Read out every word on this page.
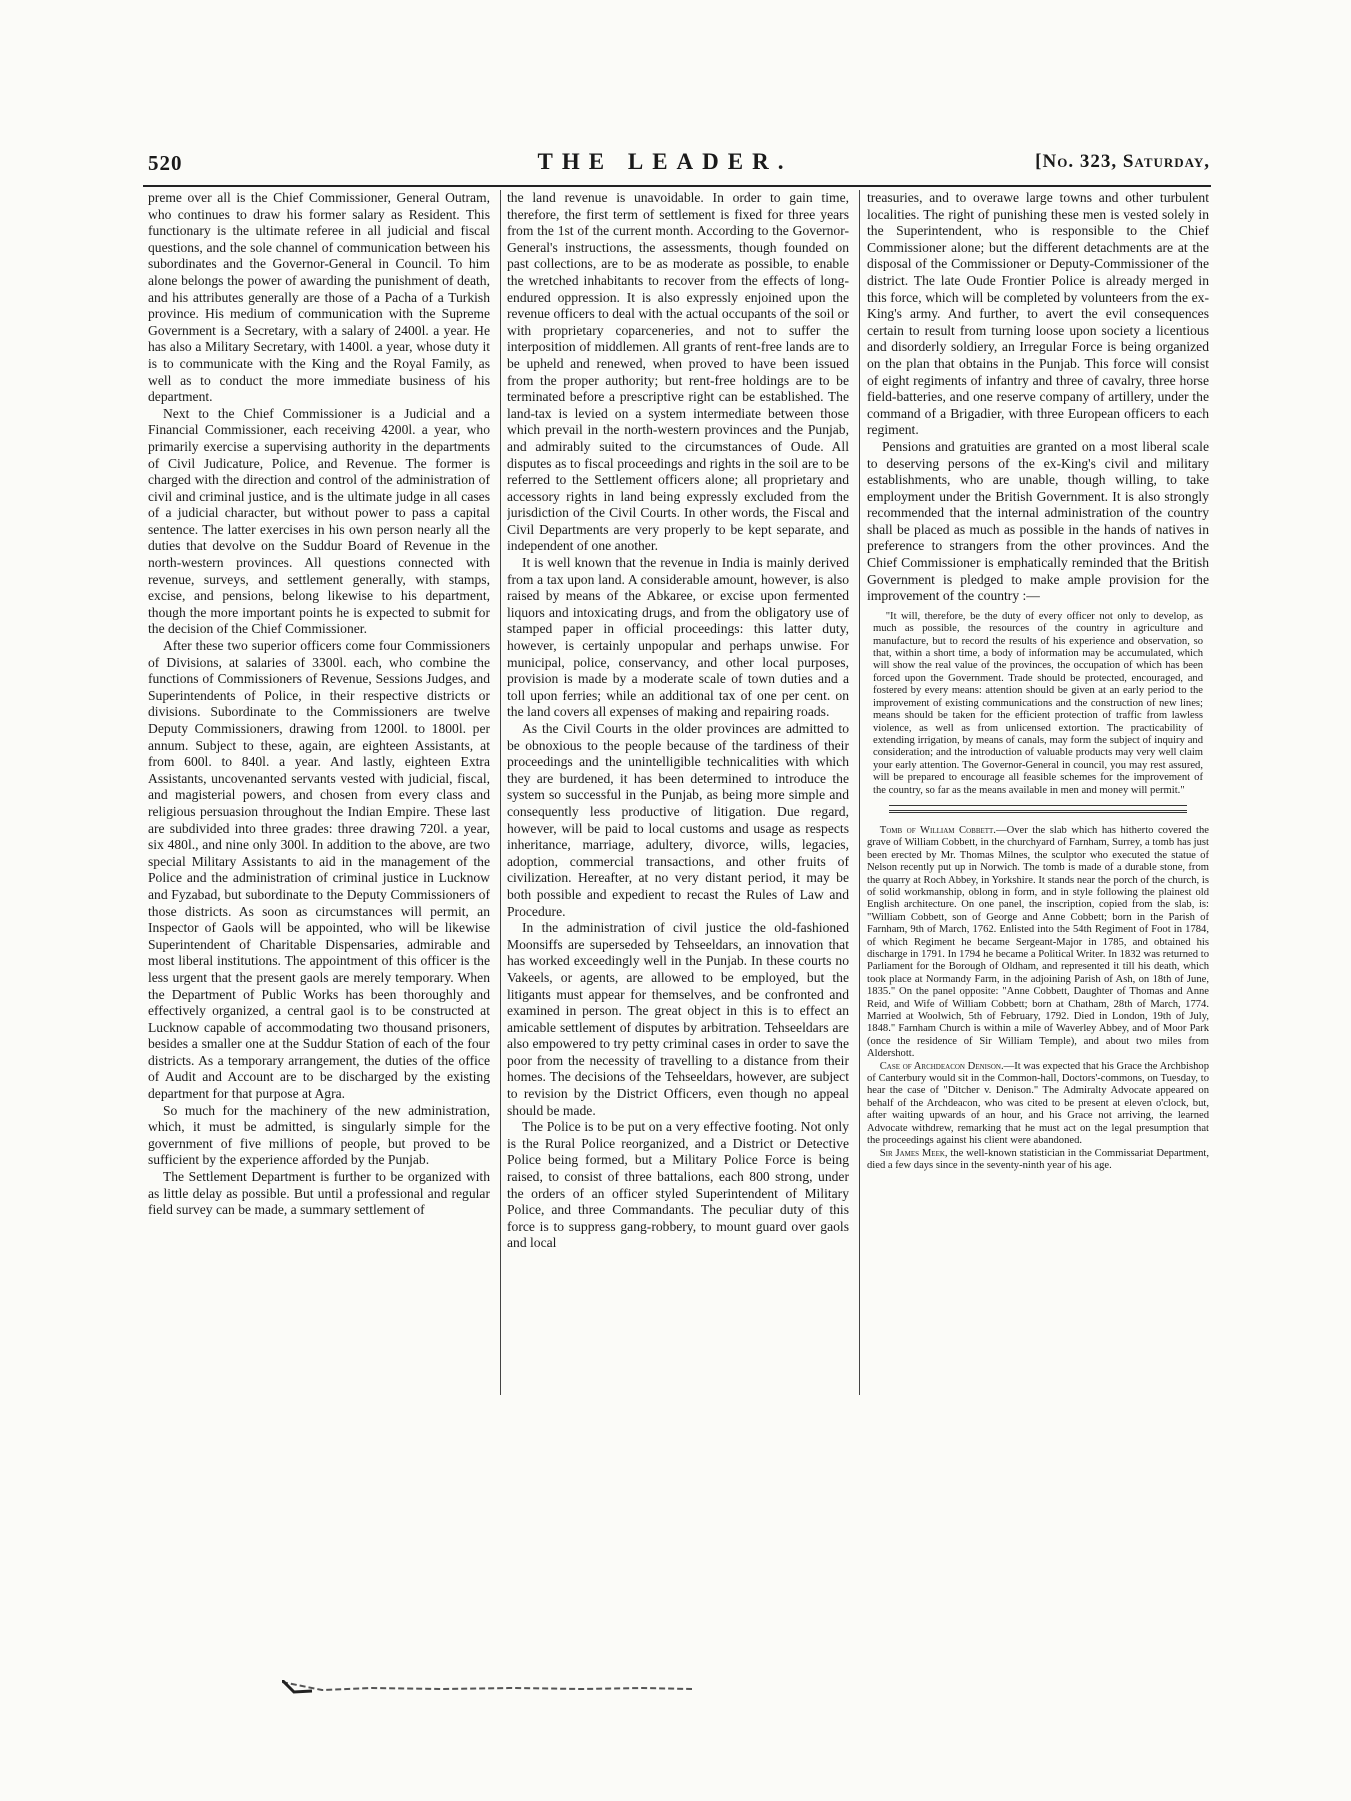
520	THE LEADER.	[No. 323, Saturday,

preme over all is the Chief Commissioner, General Outram, who continues to draw his former salary as Resident. This functionary is the ultimate referee in all judicial and fiscal questions, and the sole channel of communication between his subordinates and the Governor-General in Council. To him alone belongs the power of awarding the punishment of death, and his attributes generally are those of a Pacha of a Turkish province. His medium of communication with the Supreme Government is a Secretary, with a salary of 2400l. a year. He has also a Military Secretary, with 1400l. a year, whose duty it is to communicate with the King and the Royal Family, as well as to conduct the more immediate business of his department.

Next to the Chief Commissioner is a Judicial and a Financial Commissioner, each receiving 4200l. a year, who primarily exercise a supervising authority in the departments of Civil Judicature, Police, and Revenue. The former is charged with the direction and control of the administration of civil and criminal justice, and is the ultimate judge in all cases of a judicial character, but without power to pass a capital sentence. The latter exercises in his own person nearly all the duties that devolve on the Suddur Board of Revenue in the north-western provinces. All questions connected with revenue, surveys, and settlement generally, with stamps, excise, and pensions, belong likewise to his department, though the more important points he is expected to submit for the decision of the Chief Commissioner.

After these two superior officers come four Commissioners of Divisions, at salaries of 3300l. each, who combine the functions of Commissioners of Revenue, Sessions Judges, and Superintendents of Police, in their respective districts or divisions. Subordinate to the Commissioners are twelve Deputy Commissioners, drawing from 1200l. to 1800l. per annum. Subject to these, again, are eighteen Assistants, at from 600l. to 840l. a year. And lastly, eighteen Extra Assistants, uncovenanted servants vested with judicial, fiscal, and magisterial powers, and chosen from every class and religious persuasion throughout the Indian Empire. These last are subdivided into three grades: three drawing 720l. a year, six 480l., and nine only 300l. In addition to the above, are two special Military Assistants to aid in the management of the Police and the administration of criminal justice in Lucknow and Fyzabad, but subordinate to the Deputy Commissioners of those districts. As soon as circumstances will permit, an Inspector of Gaols will be appointed, who will be likewise Superintendent of Charitable Dispensaries, admirable and most liberal institutions. The appointment of this officer is the less urgent that the present gaols are merely temporary. When the Department of Public Works has been thoroughly and effectively organized, a central gaol is to be constructed at Lucknow capable of accommodating two thousand prisoners, besides a smaller one at the Suddur Station of each of the four districts. As a temporary arrangement, the duties of the office of Audit and Account are to be discharged by the existing department for that purpose at Agra.

So much for the machinery of the new administration, which, it must be admitted, is singularly simple for the government of five millions of people, but proved to be sufficient by the experience afforded by the Punjab.

The Settlement Department is further to be organized with as little delay as possible. But until a professional and regular field survey can be made, a summary settlement of

the land revenue is unavoidable. In order to gain time, therefore, the first term of settlement is fixed for three years from the 1st of the current month. According to the Governor-General's instructions, the assessments, though founded on past collections, are to be as moderate as possible, to enable the wretched inhabitants to recover from the effects of long-endured oppression. It is also expressly enjoined upon the revenue officers to deal with the actual occupants of the soil or with proprietary coparceneries, and not to suffer the interposition of middlemen. All grants of rent-free lands are to be upheld and renewed, when proved to have been issued from the proper authority; but rent-free holdings are to be terminated before a prescriptive right can be established. The land-tax is levied on a system intermediate between those which prevail in the north-western provinces and the Punjab, and admirably suited to the circumstances of Oude. All disputes as to fiscal proceedings and rights in the soil are to be referred to the Settlement officers alone; all proprietary and accessory rights in land being expressly excluded from the jurisdiction of the Civil Courts. In other words, the Fiscal and Civil Departments are very properly to be kept separate, and independent of one another.

It is well known that the revenue in India is mainly derived from a tax upon land. A considerable amount, however, is also raised by means of the Abkaree, or excise upon fermented liquors and intoxicating drugs, and from the obligatory use of stamped paper in official proceedings: this latter duty, however, is certainly unpopular and perhaps unwise. For municipal, police, conservancy, and other local purposes, provision is made by a moderate scale of town duties and a toll upon ferries; while an additional tax of one per cent. on the land covers all expenses of making and repairing roads.

As the Civil Courts in the older provinces are admitted to be obnoxious to the people because of the tardiness of their proceedings and the unintelligible technicalities with which they are burdened, it has been determined to introduce the system so successful in the Punjab, as being more simple and consequently less productive of litigation. Due regard, however, will be paid to local customs and usage as respects inheritance, marriage, adultery, divorce, wills, legacies, adoption, commercial transactions, and other fruits of civilization. Hereafter, at no very distant period, it may be both possible and expedient to recast the Rules of Law and Procedure.

In the administration of civil justice the old-fashioned Moonsiffs are superseded by Tehseeldars, an innovation that has worked exceedingly well in the Punjab. In these courts no Vakeels, or agents, are allowed to be employed, but the litigants must appear for themselves, and be confronted and examined in person. The great object in this is to effect an amicable settlement of disputes by arbitration. Tehseeldars are also empowered to try petty criminal cases in order to save the poor from the necessity of travelling to a distance from their homes. The decisions of the Tehseeldars, however, are subject to revision by the District Officers, even though no appeal should be made.

The Police is to be put on a very effective footing. Not only is the Rural Police reorganized, and a District or Detective Police being formed, but a Military Police Force is being raised, to consist of three battalions, each 800 strong, under the orders of an officer styled Superintendent of Military Police, and three Commandants. The peculiar duty of this force is to suppress gang-robbery, to mount guard over gaols and local

treasuries, and to overawe large towns and other turbulent localities. The right of punishing these men is vested solely in the Superintendent, who is responsible to the Chief Commissioner alone; but the different detachments are at the disposal of the Commissioner or Deputy-Commissioner of the district. The late Oude Frontier Police is already merged in this force, which will be completed by volunteers from the ex-King's army. And further, to avert the evil consequences certain to result from turning loose upon society a licentious and disorderly soldiery, an Irregular Force is being organized on the plan that obtains in the Punjab. This force will consist of eight regiments of infantry and three of cavalry, three horse field-batteries, and one reserve company of artillery, under the command of a Brigadier, with three European officers to each regiment.

Pensions and gratuities are granted on a most liberal scale to deserving persons of the ex-King's civil and military establishments, who are unable, though willing, to take employment under the British Government. It is also strongly recommended that the internal administration of the country shall be placed as much as possible in the hands of natives in preference to strangers from the other provinces. And the Chief Commissioner is emphatically reminded that the British Government is pledged to make ample provision for the improvement of the country :—

"It will, therefore, be the duty of every officer not only to develop, as much as possible, the resources of the country in agriculture and manufacture, but to record the results of his experience and observation, so that, within a short time, a body of information may be accumulated, which will show the real value of the provinces, the occupation of which has been forced upon the Government. Trade should be protected, encouraged, and fostered by every means: attention should be given at an early period to the improvement of existing communications and the construction of new lines; means should be taken for the efficient protection of traffic from lawless violence, as well as from unlicensed extortion. The practicability of extending irrigation, by means of canals, may form the subject of inquiry and consideration; and the introduction of valuable products may very well claim your early attention. The Governor-General in council, you may rest assured, will be prepared to encourage all feasible schemes for the improvement of the country, so far as the means available in men and money will permit."

Tomb of William Cobbett.—Over the slab which has hitherto covered the grave of William Cobbett, in the churchyard of Farnham, Surrey, a tomb has just been erected by Mr. Thomas Milnes, the sculptor who executed the statue of Nelson recently put up in Norwich. The tomb is made of a durable stone, from the quarry at Roch Abbey, in Yorkshire. It stands near the porch of the church, is of solid workmanship, oblong in form, and in style following the plainest old English architecture. On one panel, the inscription, copied from the slab, is: "William Cobbett, son of George and Anne Cobbett; born in the Parish of Farnham, 9th of March, 1762. Enlisted into the 54th Regiment of Foot in 1784, of which Regiment he became Sergeant-Major in 1785, and obtained his discharge in 1791. In 1794 he became a Political Writer. In 1832 was returned to Parliament for the Borough of Oldham, and represented it till his death, which took place at Normandy Farm, in the adjoining Parish of Ash, on 18th of June, 1835." On the panel opposite: "Anne Cobbett, Daughter of Thomas and Anne Reid, and Wife of William Cobbett; born at Chatham, 28th of March, 1774. Married at Woolwich, 5th of February, 1792. Died in London, 19th of July, 1848." Farnham Church is within a mile of Waverley Abbey, and of Moor Park (once the residence of Sir William Temple), and about two miles from Aldershott.

Case of Archdeacon Denison.—It was expected that his Grace the Archbishop of Canterbury would sit in the Common-hall, Doctors'-commons, on Tuesday, to hear the case of "Ditcher v. Denison." The Admiralty Advocate appeared on behalf of the Archdeacon, who was cited to be present at eleven o'clock, but, after waiting upwards of an hour, and his Grace not arriving, the learned Advocate withdrew, remarking that he must act on the legal presumption that the proceedings against his client were abandoned.

Sir James Meek, the well-known statistician in the Commissariat Department, died a few days since in the seventy-ninth year of his age.
